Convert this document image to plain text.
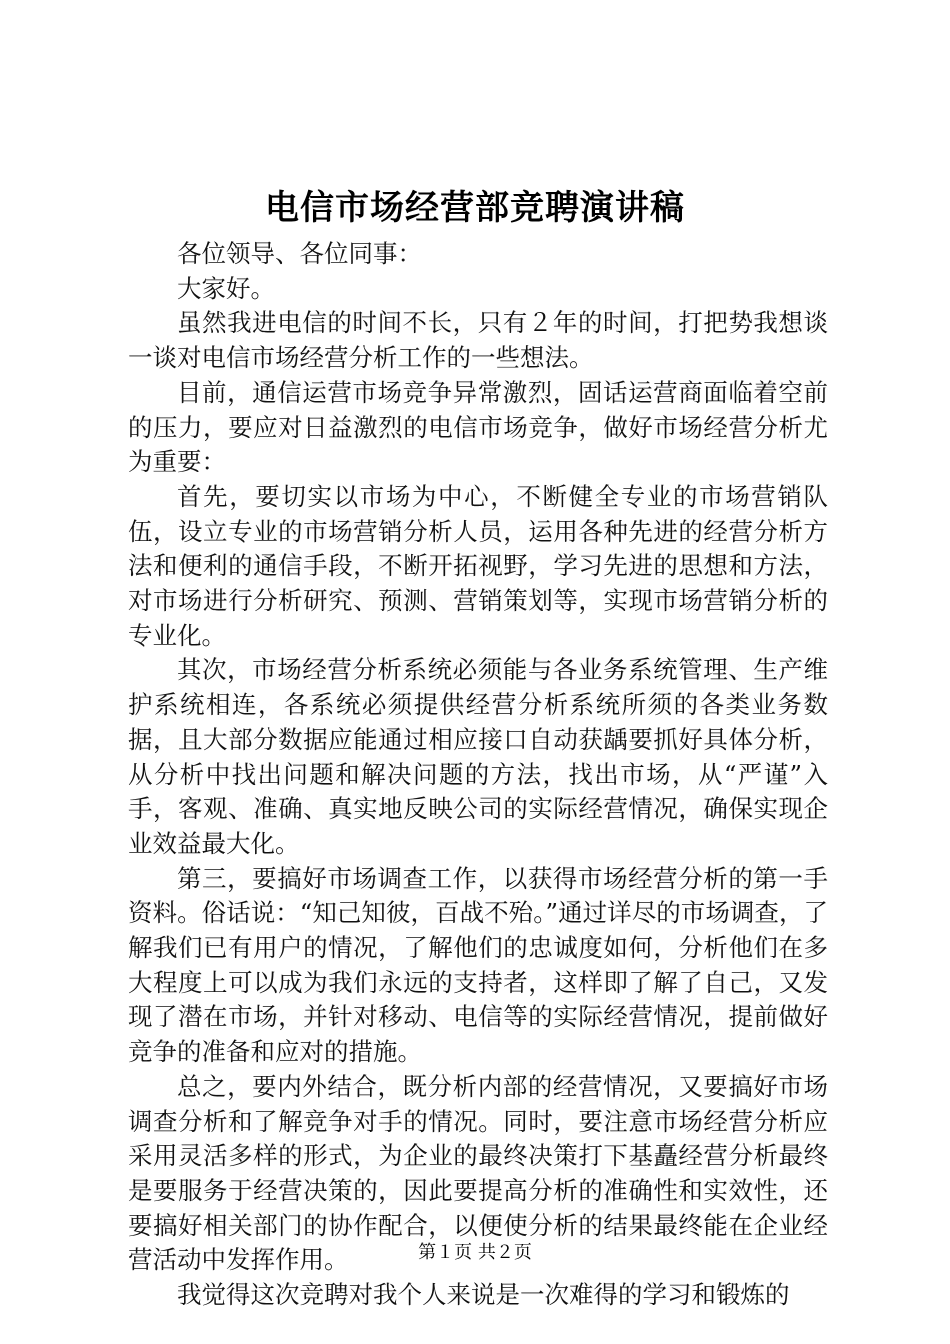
电信市场经营部竞聘演讲稿

各位领导、各位同事：

大家好。

虽然我进电信的时间不长，只有２年的时间，打把势我想谈一谈对电信市场经营分析工作的一些想法。

目前，通信运营市场竞争异常激烈，固话运营商面临着空前的压力，要应对日益激烈的电信市场竞争，做好市场经营分析尤为重要：

首先，要切实以市场为中心，不断健全专业的市场营销队伍，设立专业的市场营销分析人员，运用各种先进的经营分析方法和便利的通信手段，不断开拓视野，学习先进的思想和方法，对市场进行分析研究、预测、营销策划等，实现市场营销分析的专业化。

其次，市场经营分析系统必须能与各业务系统管理、生产维护系统相连，各系统必须提供经营分析系统所须的各类业务数据，且大部分数据应能通过相应接口自动获龋要抓好具体分析，从分析中找出问题和解决问题的方法，找出市场，从“严谨”入手，客观、准确、真实地反映公司的实际经营情况，确保实现企业效益最大化。

第三，要搞好市场调查工作，以获得市场经营分析的第一手资料。俗话说：“知己知彼，百战不殆。”通过详尽的市场调查，了解我们已有用户的情况，了解他们的忠诚度如何，分析他们在多大程度上可以成为我们永远的支持者，这样即了解了自己，又发现了潜在市场，并针对移动、电信等的实际经营情况，提前做好竞争的准备和应对的措施。

总之，要内外结合，既分析内部的经营情况，又要搞好市场调查分析和了解竞争对手的情况。同时，要注意市场经营分析应采用灵活多样的形式，为企业的最终决策打下基矗经营分析最终是要服务于经营决策的，因此要提高分析的准确性和实效性，还要搞好相关部门的协作配合，以便使分析的结果最终能在企业经营活动中发挥作用。

我觉得这次竞聘对我个人来说是一次难得的学习和锻炼的

第１页 共２页
